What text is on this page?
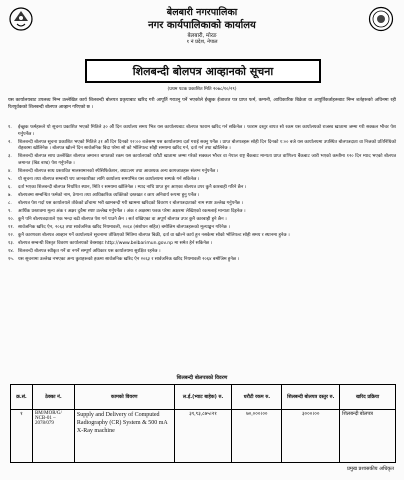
बेलबारी नगरपालिका
नगर कार्यपालिकाको कार्यालय
बेलबारी, मोरङ
१ नं प्रदेश, नेपाल
शिलबन्दी बोलपत्र आव्हानको सूचना
(प्रथम पटक प्रकाशित मिति २०७८/१०/२९)
यस कार्यालयबाट उपलब्ध निम्न उल्लेखित कार्य शिलबन्दी बोलपत्र प्रकृयाबाट खरिद गरी आपूर्ति गराउनु पर्ने भएकोले ईच्छुक ईजाजत पत्र प्राप्त फर्म, कम्पनी, आधिकारिक बिक्रेता वा आपूर्तिकर्ताहरूबाट निम्न शर्तहरूको अधिनमा रही रितपूर्वकको शिलबन्दी बोलपत्र आव्हान गरिएको छ ।
१.	ईच्छुक फर्महरूले यो सूचना प्रकाशित भएको मितिले ३० औं दिन कार्यालय समय भित्र यस कार्यालयबाट बोलपत्र फाराम खरिद गर्न सकिनेछ । फाराम दस्तुर बापत सो रकम यस कार्यालयको राजस्व खातामा जम्मा गरी सक्कल भौचर पेश गर्नुपर्नेछ ।
२.	शिलबन्दी बोलपत्र सूचना प्रकाशित भएको मितिले ३१ औं दिन दिनको १२:०० बजेसम्म यस कार्यालयमा दर्ता गराई सक्नु पर्नेछ । प्राप्त बोलपत्रहरू सोही दिन दिनको १:०० बजे यस कार्यालयमा उपस्थित बोलपत्रदाता वा निजको प्रतिनिधिको रोहबरमा खोलिनेछ । बोलपत्र खोल्ने दिन सार्वजनिक बिदा परेमा सो को भोलिपल्ट सोही समयमा खरिद गर्न, दर्ता गर्न तथा खोलिनेछ ।
३.	शिलबन्दी बोलपत्र साथ उल्लेखित बोलपत्र जमानत बापतको रकम यस कार्यालयको धरौटी खातामा जम्मा गरेको सक्कल भौचर वा नेपाल राष्ट्र बैंकबाट मान्यता प्राप्त वाणिज्य बैंकबाट जारी भएको कम्तीमा १२० दिन म्याद भएको बोलपत्र जमानत (बिड बण्ड) पेश गर्नुपर्नेछ ।
४.	शिलबन्दी बोलपत्र साथ प्रस्तावित मालसामानको स्पेसिफिकेशन, क्याटलग तथा आवश्यक अन्य कागजातहरू संलग्न गर्नुपर्नेछ ।
५.	यो सूचना तथा बोलपत्र सम्बन्धी थप जानकारीका लागि कार्यालय समयभित्र यस कार्यालयमा सम्पर्क गर्न सकिनेछ ।
६.	दर्ता भएका शिलबन्दी बोलपत्र निर्धारित स्थान, मिति र समयमा खोलिनेछ । म्याद नाघि प्राप्त हुन आएका बोलपत्र उपर कुनै कारबाही गरिने छैन ।
७.	बोलपत्रमा सम्बन्धित फर्मको नाम, ठेगाना तथा आधिकारिक व्यक्तिको दस्तखत र छाप अनिवार्य रूपमा हुनु पर्नेछ ।
८.	बोलपत्र पेश गर्दा यस कार्यालयले तोकेको ढाँचामा भरी खामबन्दी गरी खाममा खरिदको विवरण र बोलपत्रदाताको नाम स्पष्ट उल्लेख गर्नुपर्नेछ ।
९.	आर्थिक प्रस्तावमा मूल्य अंक र अक्षर दुवैमा स्पष्ट उल्लेख गर्नुपर्नेछ । अंक र अक्षरमा फरक परेमा अक्षरमा लेखिएको रकमलाई मान्यता दिइनेछ ।
१०. कुनै पनि बोलपत्रदाताले एक भन्दा बढी बोलपत्र पेश गर्न पाउने छैन । सर्त राखिएका वा अपूर्ण बोलपत्र उपर कुनै कारबाही हुने छैन ।
११. सार्वजनिक खरिद ऐन, २०६३ तथा सार्वजनिक खरिद नियमावली, २०६४ (संशोधन सहित) बमोजिम बोलपत्रहरूको मूल्याङ्कन गरिनेछ ।
१२. कुनै कारणवश बोलपत्र आव्हान गर्ने कार्यालयले सूचनामा तोकिएको मितिमा बोलपत्र बिक्री, दर्ता वा खोल्ने कार्य हुन नसकेमा सोको भोलिपल्ट सोही समय र स्थानमा हुनेछ ।
१३. बोलपत्र सम्बन्धी विस्तृत विवरण कार्यालयको वेबसाइट http://www.belbarimun.gov.np मा समेत हेर्न सकिनेछ ।
१४. शिलबन्दी बोलपत्र स्वीकृत गर्ने वा नगर्ने सम्पूर्ण अधिकार यस कार्यालयमा सुरक्षित रहनेछ ।
१५. यस सूचनामा उल्लेख नभएका अन्य कुराहरूको हकमा सार्वजनिक खरिद ऐन २०६३ र सार्वजनिक खरिद नियमावली २०६४ बमोजिम हुनेछ ।
शिलबन्दी बोलपत्रको विवरण
क्र.सं.	ठेक्का नं.	कामको विवरण	ल.ई.(भ्याट बाहेक) रु.	धरौटी रकम रु.	शिलबन्दी बोलपत्र दस्तुर रु.	खरिद प्रक्रिया
१	BM/MOR/G/ NCB-01 – 2078/079	Supply and Delivery of Computed Radiography (CR) System & 500 mA X-Ray machine	३१,९३,८७५।२१	७०,०००।००	३०००।००	शिलबन्दी बोलपत्र
प्रमुख प्रशासकीय अधिकृत
